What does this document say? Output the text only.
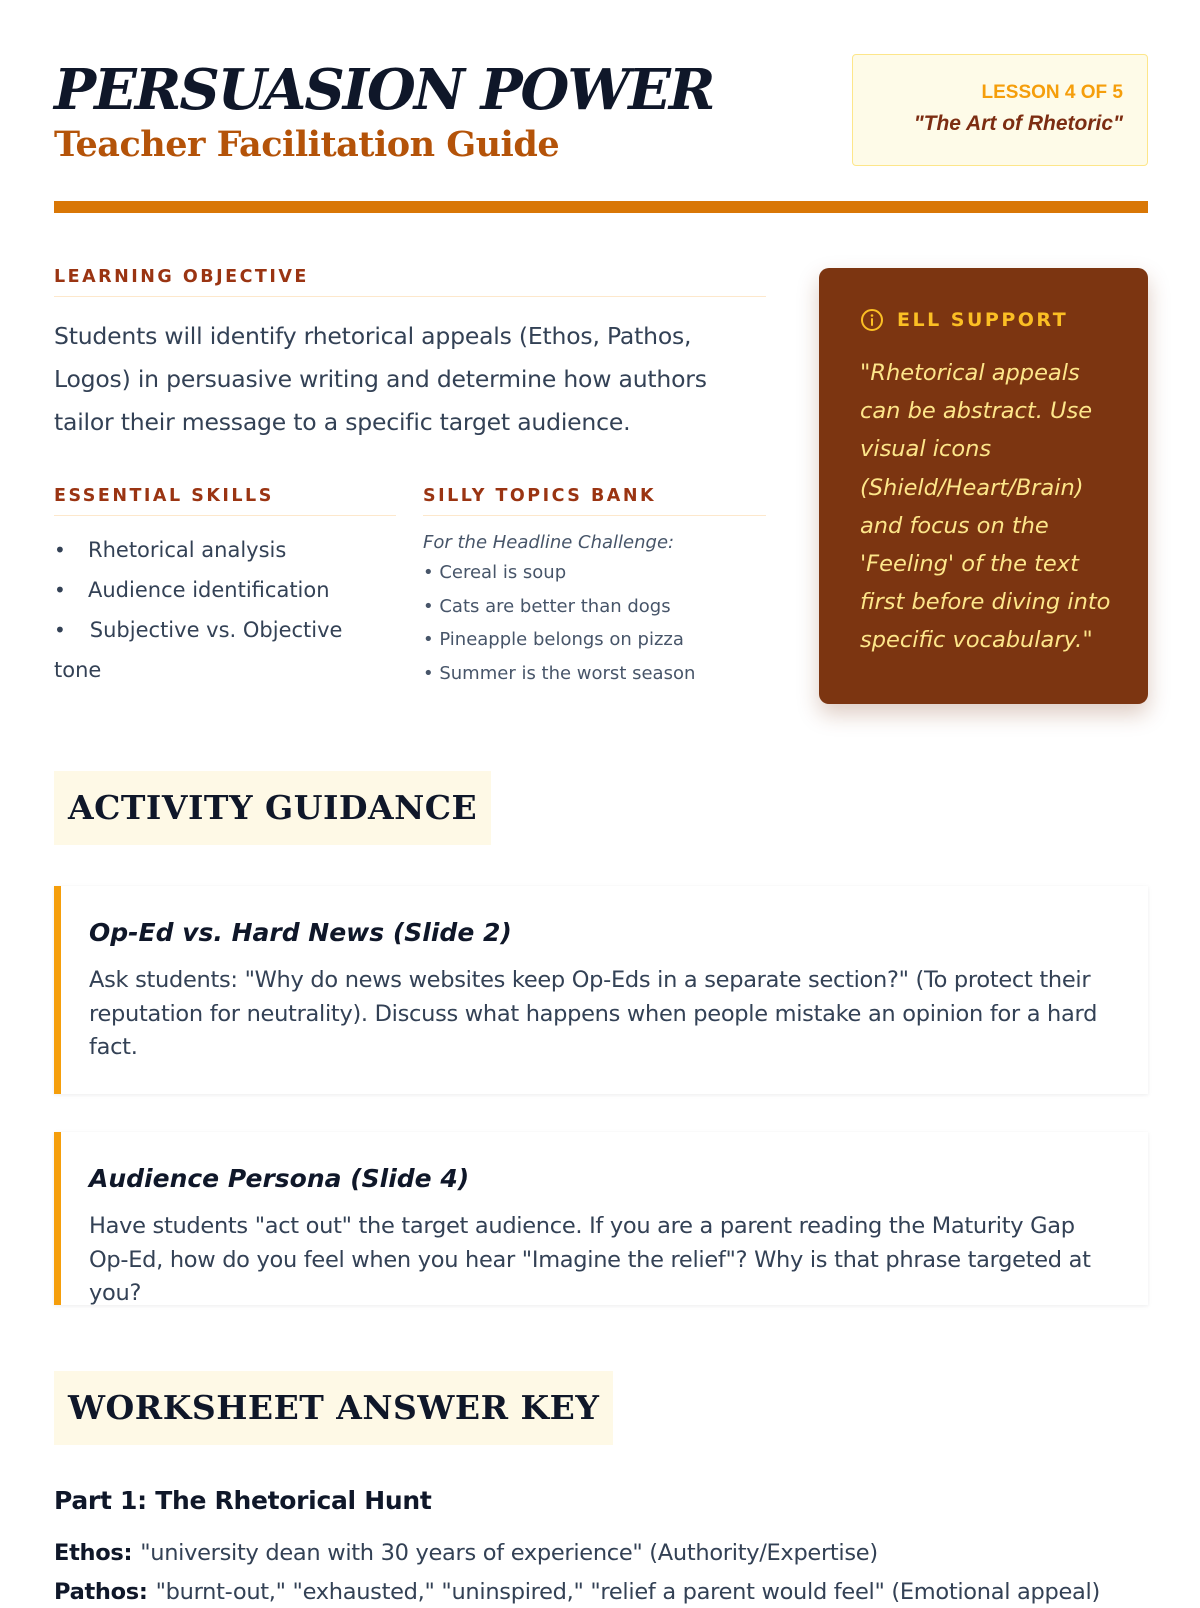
PERSUASION POWER
Teacher Facilitation Guide
LESSON 4 OF 5
"The Art of Rhetoric"
LEARNING OBJECTIVE

Students will identify rhetorical appeals (Ethos, Pathos, Logos) in persuasive writing and determine how authors tailor their message to a specific target audience.

ESSENTIAL SKILLS
• Rhetorical analysis
• Audience identification
• Subjective vs. Objective tone
SILLY TOPICS BANK

For the Headline Challenge:

• Cereal is soup
• Cats are better than dogs
• Pineapple belongs on pizza
• Summer is the worst season
ELL SUPPORT

"Rhetorical appeals can be abstract. Use visual icons (Shield/Heart/Brain) and focus on the 'Feeling' of the text first before diving into specific vocabulary."

ACTIVITY GUIDANCE
Op-Ed vs. Hard News (Slide 2)

Ask students: "Why do news websites keep Op-Eds in a separate section?" (To protect their reputation for neutrality). Discuss what happens when people mistake an opinion for a hard fact.

Audience Persona (Slide 4)

Have students "act out" the target audience. If you are a parent reading the Maturity Gap Op-Ed, how do you feel when you hear "Imagine the relief"? Why is that phrase targeted at you?

WORKSHEET ANSWER KEY
Part 1: The Rhetorical Hunt
Ethos: "university dean with 30 years of experience" (Authority/Expertise)
Pathos: "burnt-out," "exhausted," "uninspired," "relief a parent would feel" (Emotional appeal)
